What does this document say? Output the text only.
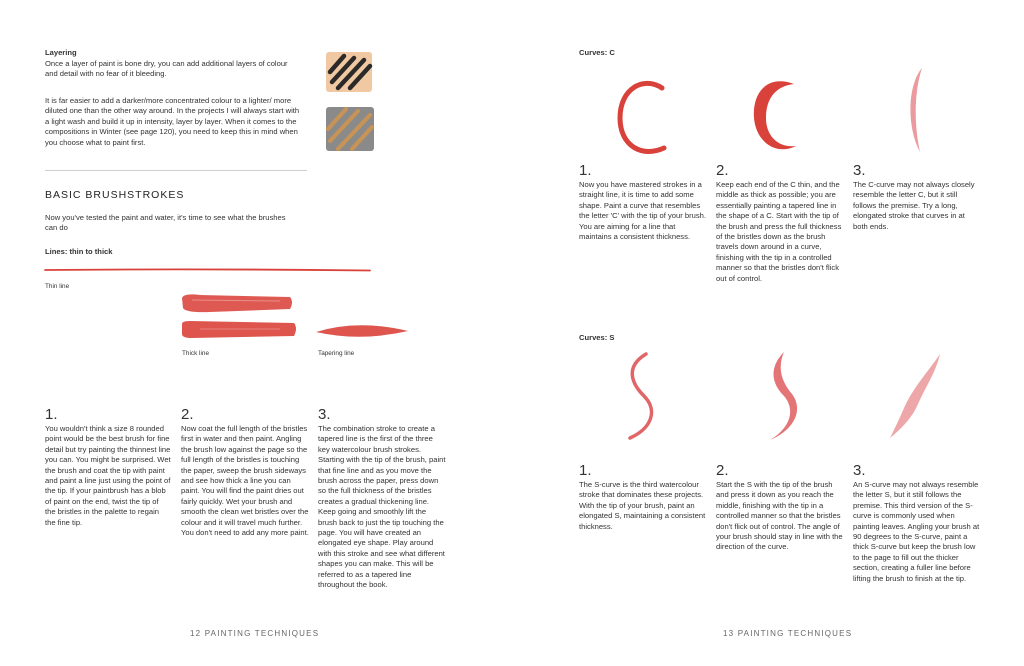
Layering
Once a layer of paint is bone dry, you can add additional layers of colour and detail with no fear of it bleeding.
It is far easier to add a darker/more concentrated colour to a lighter/ more diluted one than the other way around. In the projects I will always start with a light wash and build it up in intensity, layer by layer. When it comes to the compositions in Winter (see page 120), you need to keep this in mind when you choose what to paint first.
BASIC BRUSHSTROKES
Now you've tested the paint and water, it's time to see what the brushes can do
Lines: thin to thick
Thin line
Thick line	Tapering line
1.
You wouldn't think a size 8 rounded point would be the best brush for fine detail but try painting the thinnest line you can. You might be surprised. Wet the brush and coat the tip with paint and paint a line just using the point of the tip. If your paintbrush has a blob of paint on the end, twist the tip of the bristles in the palette to regain the fine tip.
2.
Now coat the full length of the bristles first in water and then paint. Angling the brush low against the page so the full length of the bristles is touching the paper, sweep the brush sideways and see how thick a line you can paint. You will find the paint dries out fairly quickly. Wet your brush and smooth the clean wet bristles over the colour and it will travel much further. You don't need to add any more paint.
3.
The combination stroke to create a tapered line is the first of the three key watercolour brush strokes. Starting with the tip of the brush, paint that fine line and as you move the brush across the paper, press down so the full thickness of the bristles creates a gradual thickening line. Keep going and smoothly lift the brush back to just the tip touching the page. You will have created an elongated eye shape. Play around with this stroke and see what different shapes you can make. This will be referred to as a tapered line throughout the book.
12 PAINTING TECHNIQUES
Curves: C
1.
Now you have mastered strokes in a straight line, it is time to add some shape. Paint a curve that resembles the letter 'C' with the tip of your brush. You are aiming for a line that maintains a consistent thickness.
2.
Keep each end of the C thin, and the middle as thick as possible; you are essentially painting a tapered line in the shape of a C. Start with the tip of the brush and press the full thickness of the bristles down as the brush travels down around in a curve, finishing with the tip in a controlled manner so that the bristles don't flick out of control.
3.
The C-curve may not always closely resemble the letter C, but it still follows the premise. Try a long, elongated stroke that curves in at both ends.
Curves: S
1.
The S-curve is the third watercolour stroke that dominates these projects. With the tip of your brush, paint an elongated S, maintaining a consistent thickness.
2.
Start the S with the tip of the brush and press it down as you reach the middle, finishing with the tip in a controlled manner so that the bristles don't flick out of control. The angle of your brush should stay in line with the direction of the curve.
3.
An S-curve may not always resemble the letter S, but it still follows the premise. This third version of the S-curve is commonly used when painting leaves. Angling your brush at 90 degrees to the S-curve, paint a thick S-curve but keep the brush low to the page to fill out the thicker section, creating a fuller line before lifting the brush to finish at the tip.
13 PAINTING TECHNIQUES
